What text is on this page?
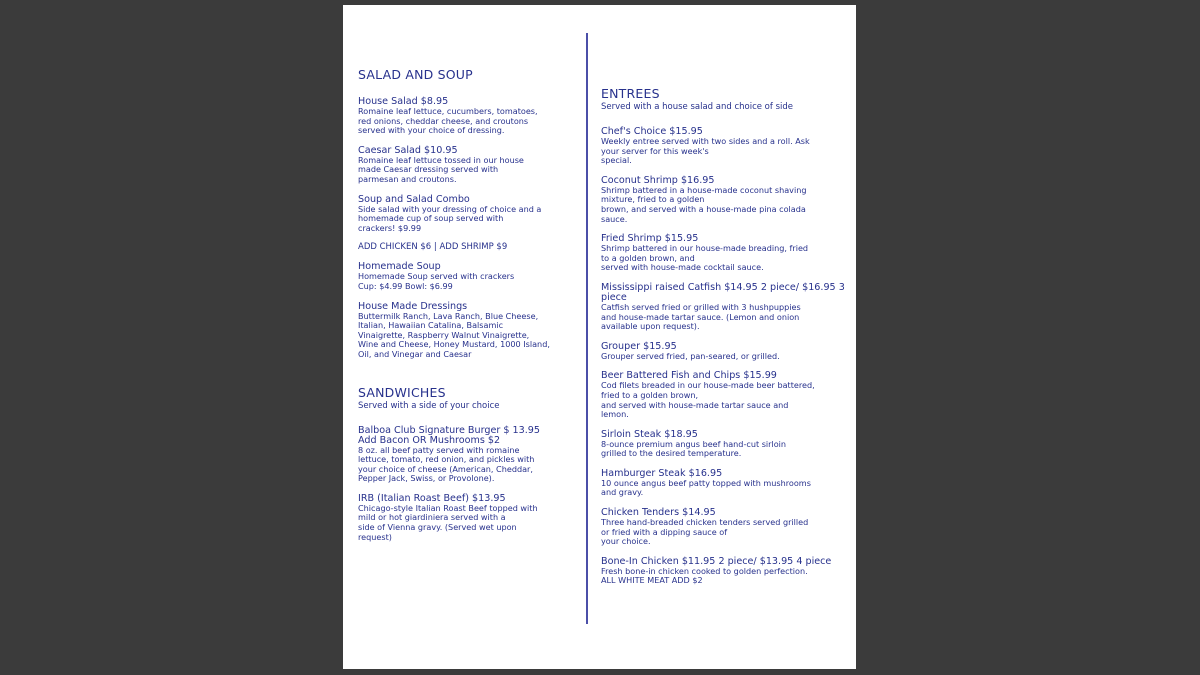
SALAD AND SOUP
House Salad $8.95
Romaine leaf lettuce, cucumbers, tomatoes,
red onions, cheddar cheese, and croutons
served with your choice of dressing.
Caesar Salad $10.95
Romaine leaf lettuce tossed in our house
made Caesar dressing served with
parmesan and croutons.
Soup and Salad Combo
Side salad with your dressing of choice and a
homemade cup of soup served with
crackers! $9.99
ADD CHICKEN $6 | ADD SHRIMP $9
Homemade Soup
Homemade Soup served with crackers
Cup: $4.99 Bowl: $6.99
House Made Dressings
Buttermilk Ranch, Lava Ranch, Blue Cheese,
Italian, Hawaiian Catalina, Balsamic
Vinaigrette, Raspberry Walnut Vinaigrette,
Wine and Cheese, Honey Mustard, 1000 Island,
Oil, and Vinegar and Caesar
SANDWICHES
Served with a side of your choice
Balboa Club Signature Burger $ 13.95
Add Bacon OR Mushrooms $2
8 oz. all beef patty served with romaine
lettuce, tomato, red onion, and pickles with
your choice of cheese (American, Cheddar,
Pepper Jack, Swiss, or Provolone).
IRB (Italian Roast Beef) $13.95
Chicago-style Italian Roast Beef topped with
mild or hot giardiniera served with a
side of Vienna gravy. (Served wet upon
request)
ENTREES
Served with a house salad and choice of side
Chef's Choice $15.95
Weekly entree served with two sides and a roll. Ask
your server for this week's
special.
Coconut Shrimp $16.95
Shrimp battered in a house-made coconut shaving
mixture, fried to a golden
brown, and served with a house-made pina colada
sauce.
Fried Shrimp $15.95
Shrimp battered in our house-made breading, fried
to a golden brown, and
served with house-made cocktail sauce.
Mississippi raised Catfish $14.95 2 piece/ $16.95 3
piece
Catfish served fried or grilled with 3 hushpuppies
and house-made tartar sauce. (Lemon and onion
available upon request).
Grouper $15.95
Grouper served fried, pan-seared, or grilled.
Beer Battered Fish and Chips $15.99
Cod filets breaded in our house-made beer battered,
fried to a golden brown,
and served with house-made tartar sauce and
lemon.
Sirloin Steak $18.95
8-ounce premium angus beef hand-cut sirloin
grilled to the desired temperature.
Hamburger Steak $16.95
10 ounce angus beef patty topped with mushrooms
and gravy.
Chicken Tenders $14.95
Three hand-breaded chicken tenders served grilled
or fried with a dipping sauce of
your choice.
Bone-In Chicken $11.95 2 piece/ $13.95 4 piece
Fresh bone-in chicken cooked to golden perfection.
ALL WHITE MEAT ADD $2
